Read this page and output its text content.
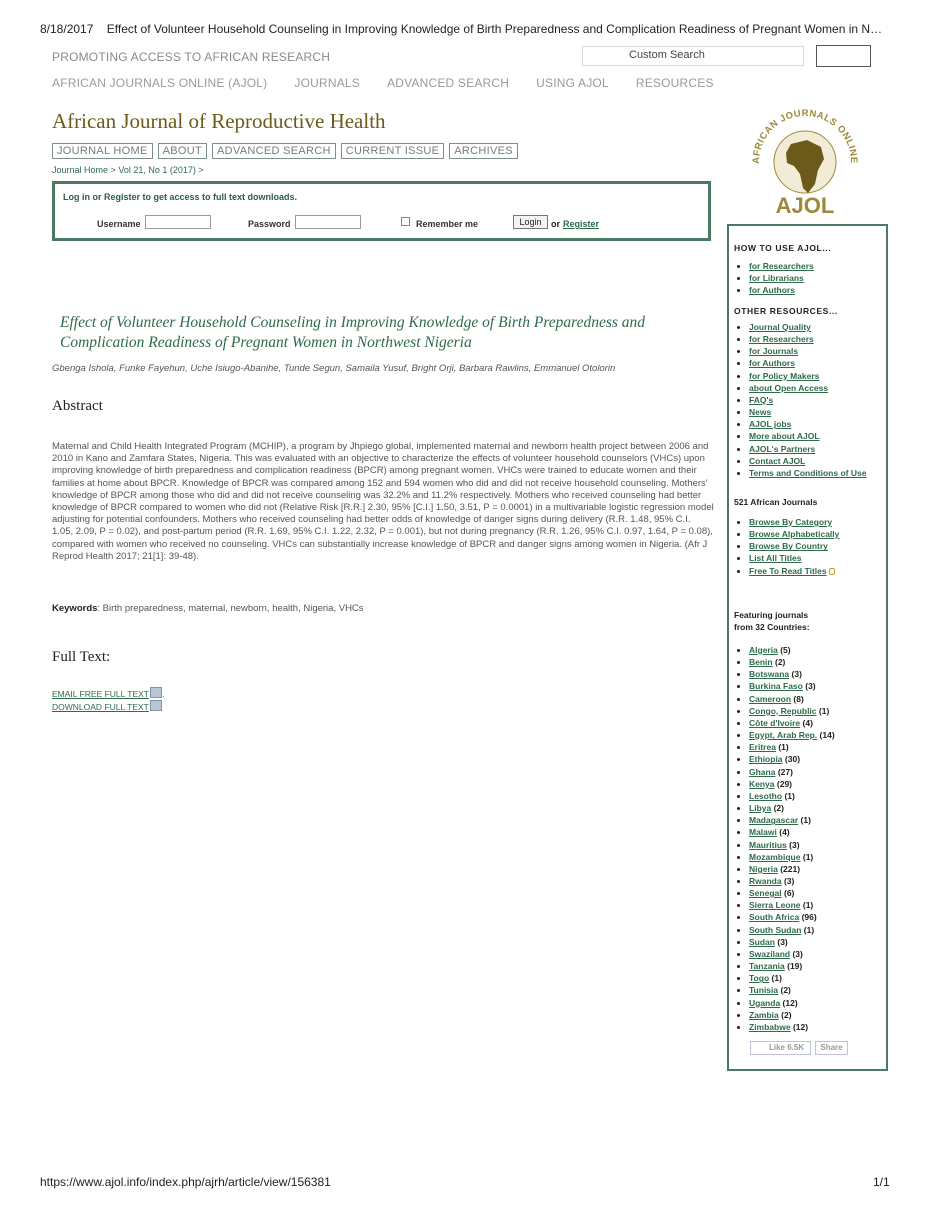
8/18/2017 Effect of Volunteer Household Counseling in Improving Knowledge of Birth Preparedness and Complication Readiness of Pregnant Women in N…
PROMOTING ACCESS TO AFRICAN RESEARCH	Custom Search
AFRICAN JOURNALS ONLINE (AJOL) JOURNALS ADVANCED SEARCH USING AJOL RESOURCES
African Journal of Reproductive Health
JOURNAL HOME	ABOUT	ADVANCED SEARCH	CURRENT ISSUE	ARCHIVES
Journal Home > Vol 21, No 1 (2017) >
Log in or Register to get access to full text downloads.
Username	Password	Remember me	Login	or Register
Effect of Volunteer Household Counseling in Improving Knowledge of Birth Preparedness and Complication Readiness of Pregnant Women in Northwest Nigeria
Gbenga Ishola, Funke Fayehun, Uche Isiugo-Abanihe, Tunde Segun, Samaila Yusuf, Bright Orji, Barbara Rawlins, Emmanuel Otolorin
Abstract
Maternal and Child Health Integrated Program (MCHIP), a program by Jhpiego global, implemented maternal and newborn health project between 2006 and 2010 in Kano and Zamfara States, Nigeria. This was evaluated with an objective to characterize the effects of volunteer household counselors (VHCs) upon improving knowledge of birth preparedness and complication readiness (BPCR) among pregnant women. VHCs were trained to educate women and their families at home about BPCR. Knowledge of BPCR was compared among 152 and 594 women who did and did not receive household counseling. Mothers' knowledge of BPCR among those who did and did not receive counseling was 32.2% and 11.2% respectively. Mothers who received counseling had better knowledge of BPCR compared to women who did not (Relative Risk [R.R.] 2.30, 95% [C.I.] 1.50, 3.51, P = 0.0001) in a multivariable logistic regression model adjusting for potential confounders. Mothers who received counseling had better odds of knowledge of danger signs during delivery (R.R. 1.48, 95% C.I. 1.05, 2.09, P = 0.02), and post-partum period (R.R. 1.69, 95% C.I. 1.22, 2.32, P = 0.001), but not during pregnancy (R.R. 1.26, 95% C.I. 0.97, 1.64, P = 0.08), compared with women who received no counseling. VHCs can substantially increase knowledge of BPCR and danger signs among women in Nigeria. (Afr J Reprod Health 2017; 21[1]: 39-48).
Keywords: Birth preparedness, maternal, newborn, health, Nigeria, VHCs
Full Text:
EMAIL FREE FULL TEXT .
DOWNLOAD FULL TEXT
AFRICAN JOURNALS ONLINE
AJOL
HOW TO USE AJOL...
• for Researchers
• for Librarians
• for Authors
OTHER RESOURCES...
• Journal Quality
• for Researchers
• for Journals
• for Authors
• for Policy Makers
• about Open Access
• FAQ's
• News
• AJOL jobs
• More about AJOL
• AJOL's Partners
• Contact AJOL
• Terms and Conditions of Use
521 African Journals
• Browse By Category
• Browse Alphabetically
• Browse By Country
• List All Titles
• Free To Read Titles
Featuring journals
from 32 Countries:
• Algeria (5)
• Benin (2)
• Botswana (3)
• Burkina Faso (3)
• Cameroon (8)
• Congo, Republic (1)
• Côte d'Ivoire (4)
• Egypt, Arab Rep. (14)
• Eritrea (1)
• Ethiopia (30)
• Ghana (27)
• Kenya (29)
• Lesotho (1)
• Libya (2)
• Madagascar (1)
• Malawi (4)
• Mauritius (3)
• Mozambique (1)
• Nigeria (221)
• Rwanda (3)
• Senegal (6)
• Sierra Leone (1)
• South Africa (96)
• South Sudan (1)
• Sudan (3)
• Swaziland (3)
• Tanzania (19)
• Togo (1)
• Tunisia (2)
• Uganda (12)
• Zambia (2)
• Zimbabwe (12)
Like 6.5K	Share
https://www.ajol.info/index.php/ajrh/article/view/156381	1/1
